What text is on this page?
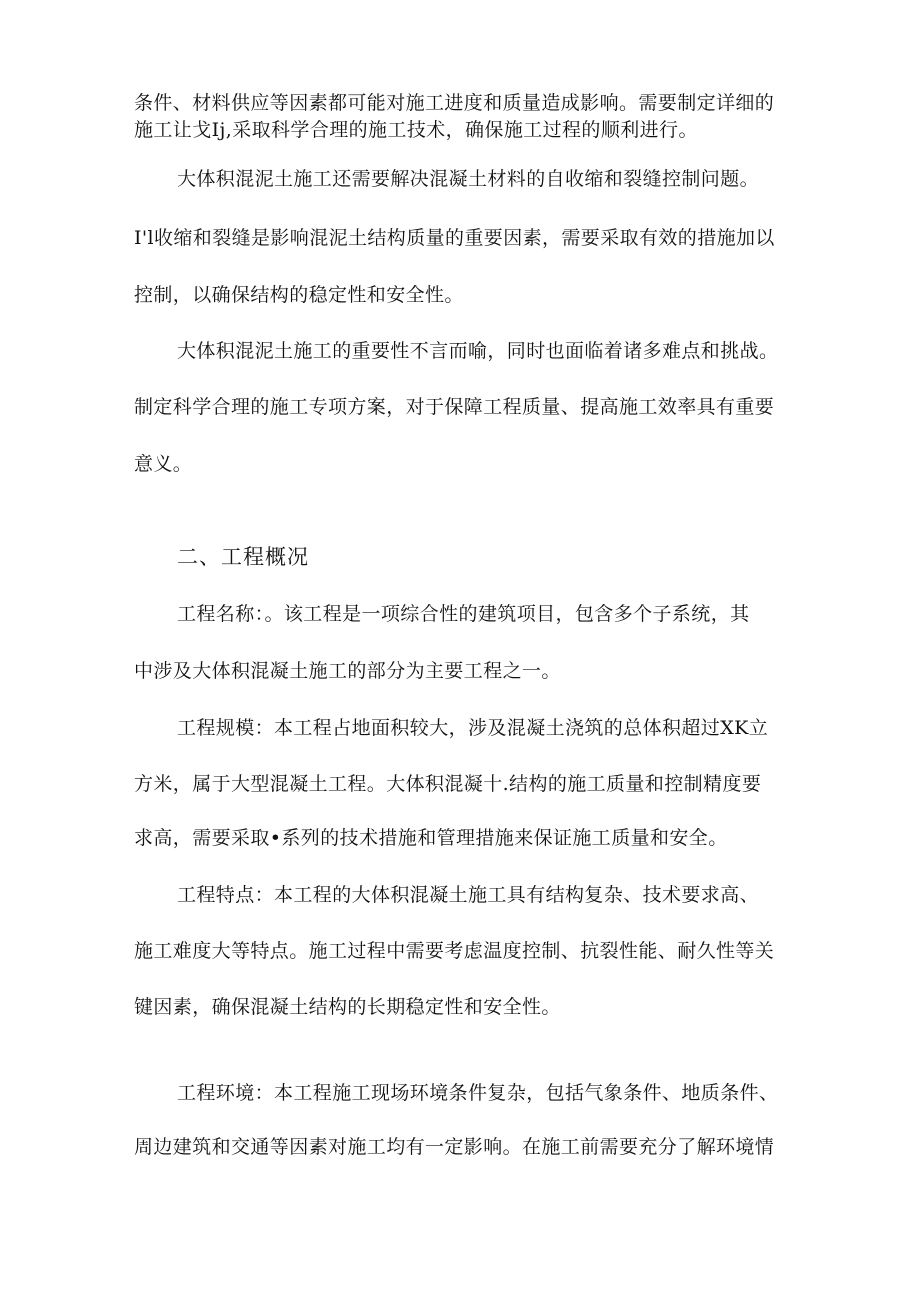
条件、材料供应等因素都可能对施工进度和质量造成影响。需要制定详细的
施工让戈Ij,采取科学合理的施工技术，确保施工过程的顺利进行。
大体积混泥土施工还需要解决混凝土材料的自收缩和裂缝控制问题。
I'l收缩和裂缝是影响混泥土结构质量的重要因素，需要采取有效的措施加以
控制，以确保结构的稳定性和安全性。
大体积混泥土施工的重要性不言而喻，同时也面临着诸多难点和挑战。
制定科学合理的施工专项方案，对于保障工程质量、提高施工效率具有重要
意义。
二、工程概况
工程名称：。该工程是一项综合性的建筑项目，包含多个子系统，其
中涉及大体积混凝土施工的部分为主要工程之一。
工程规模：本工程占地面积较大，涉及混凝土浇筑的总体积超过XK立
方米，属于大型混凝土工程。大体积混凝十.结构的施工质量和控制精度要
求高，需要采取•系列的技术措施和管理措施来保证施工质量和安全。
工程特点：本工程的大体积混凝土施工具有结构复杂、技术要求高、
施工难度大等特点。施工过程中需要考虑温度控制、抗裂性能、耐久性等关
键因素，确保混凝土结构的长期稳定性和安全性。
工程环境：本工程施工现场环境条件复杂，包括气象条件、地质条件、
周边建筑和交通等因素对施工均有一定影响。在施工前需要充分了解环境情
